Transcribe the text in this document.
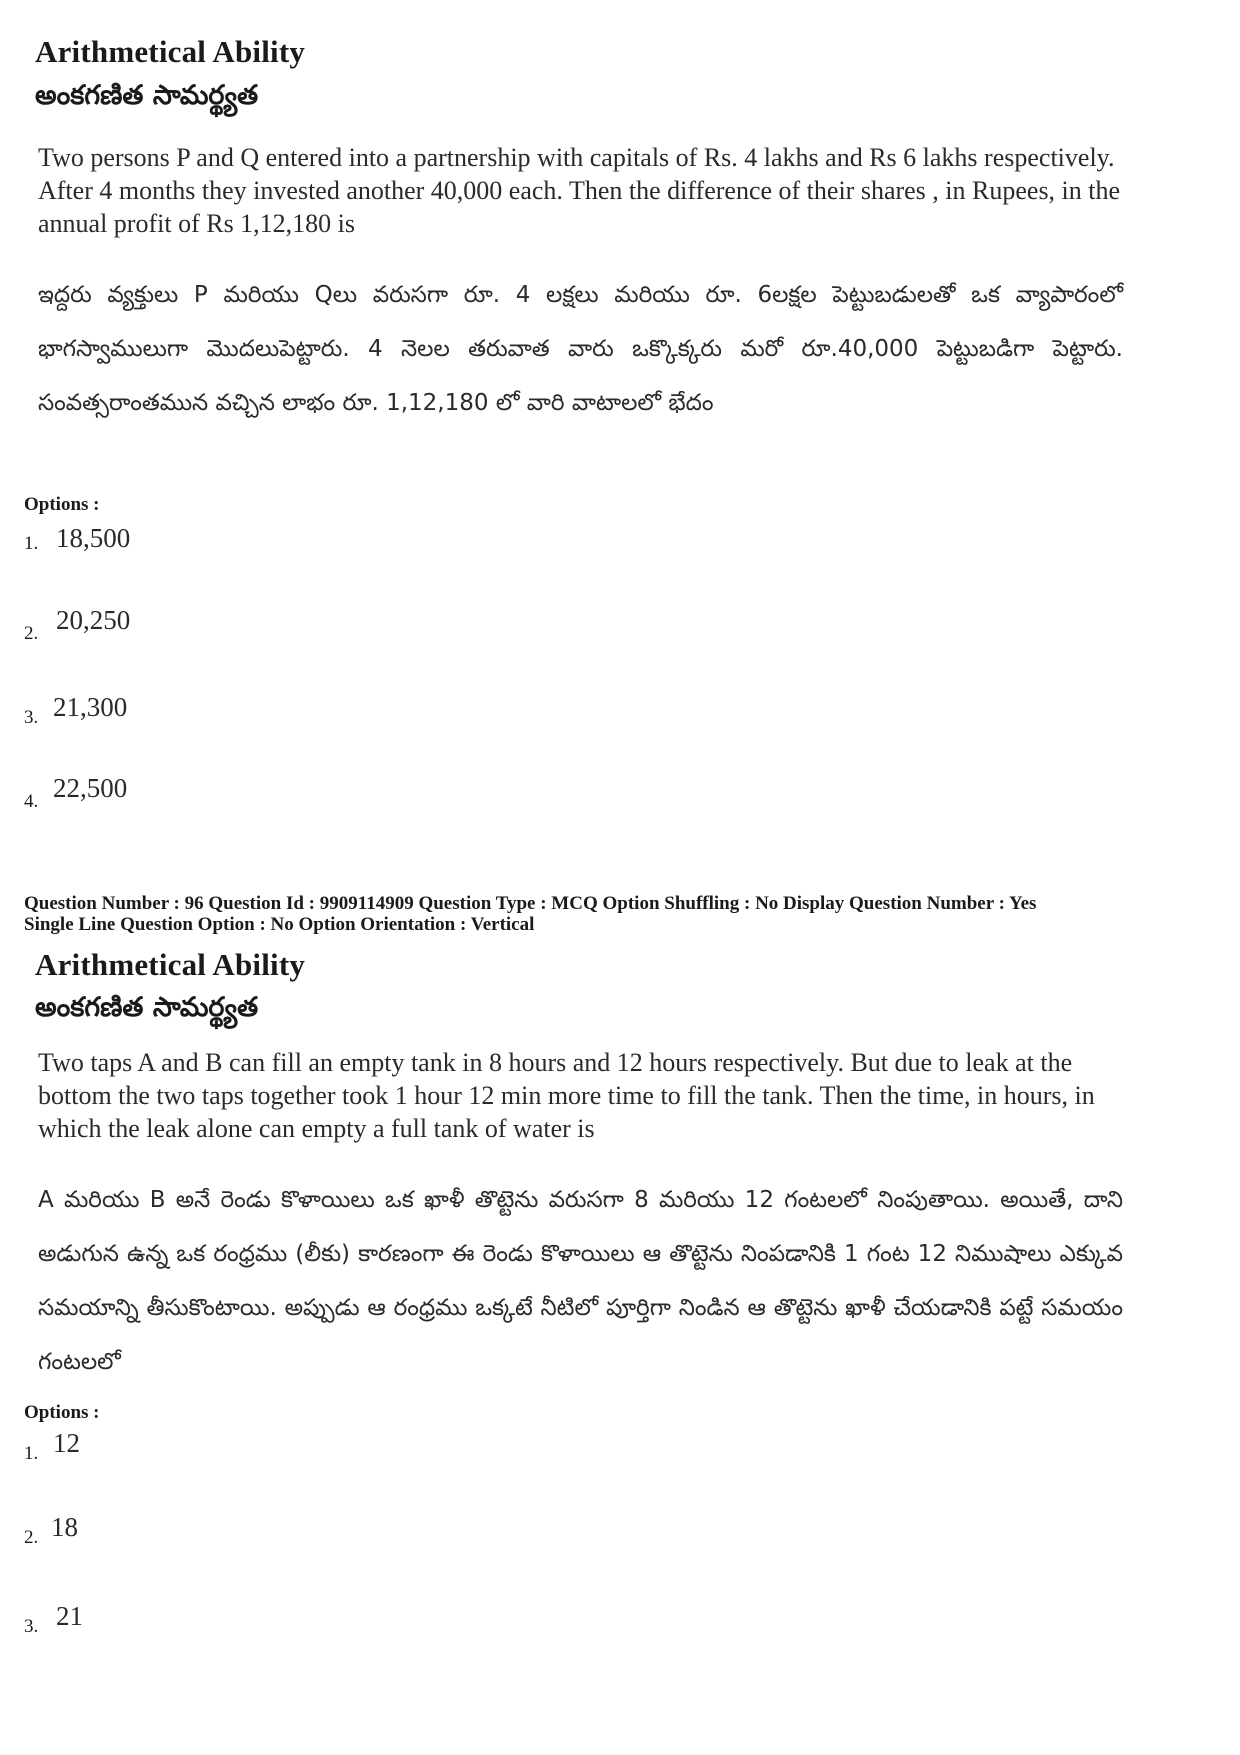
Arithmetical Ability
అంకగణిత సామర్థ్యత
Two persons P and Q entered into a partnership with capitals of Rs. 4 lakhs and Rs 6 lakhs respectively. After 4 months they invested another 40,000 each. Then the difference of their shares , in Rupees, in the annual profit of Rs 1,12,180 is
ఇద్దరు వ్యక్తులు P మరియు Qలు వరుసగా రూ. 4 లక్షలు మరియు రూ. 6లక్షల పెట్టుబడులతో ఒక వ్యాపారంలో భాగస్వాములుగా మొదలుపెట్టారు. 4 నెలల తరువాత వారు ఒక్కొక్కరు మరో రూ.40,000 పెట్టుబడిగా పెట్టారు. సంవత్సరాంతమున వచ్చిన లాభం రూ. 1,12,180 లో వారి వాటాలలో భేదం
Options :
1. 18,500
2. 20,250
3. 21,300
4. 22,500
Question Number : 96 Question Id : 9909114909 Question Type : MCQ Option Shuffling : No Display Question Number : Yes
Single Line Question Option : No Option Orientation : Vertical
Arithmetical Ability
అంకగణిత సామర్థ్యత
Two taps A and B can fill an empty tank in 8 hours and 12 hours respectively. But due to leak at the bottom the two taps together took 1 hour 12 min more time to fill the tank. Then the time, in hours, in which the leak alone can empty a full tank of water is
A మరియు B అనే రెండు కొళాయిలు ఒక ఖాళీ తొట్టెను వరుసగా 8 మరియు 12 గంటలలో నింపుతాయి. అయితే, దాని అడుగున ఉన్న ఒక రంధ్రము (లీకు) కారణంగా ఈ రెండు కొళాయిలు ఆ తొట్టెను నింపడానికి 1 గంట 12 నిముషాలు ఎక్కువ సమయాన్ని తీసుకొంటాయి. అప్పుడు ఆ రంధ్రము ఒక్కటే నీటిలో పూర్తిగా నిండిన ఆ తొట్టెను ఖాళీ చేయడానికి పట్టే సమయం గంటలలో
Options :
1. 12
2. 18
3. 21
